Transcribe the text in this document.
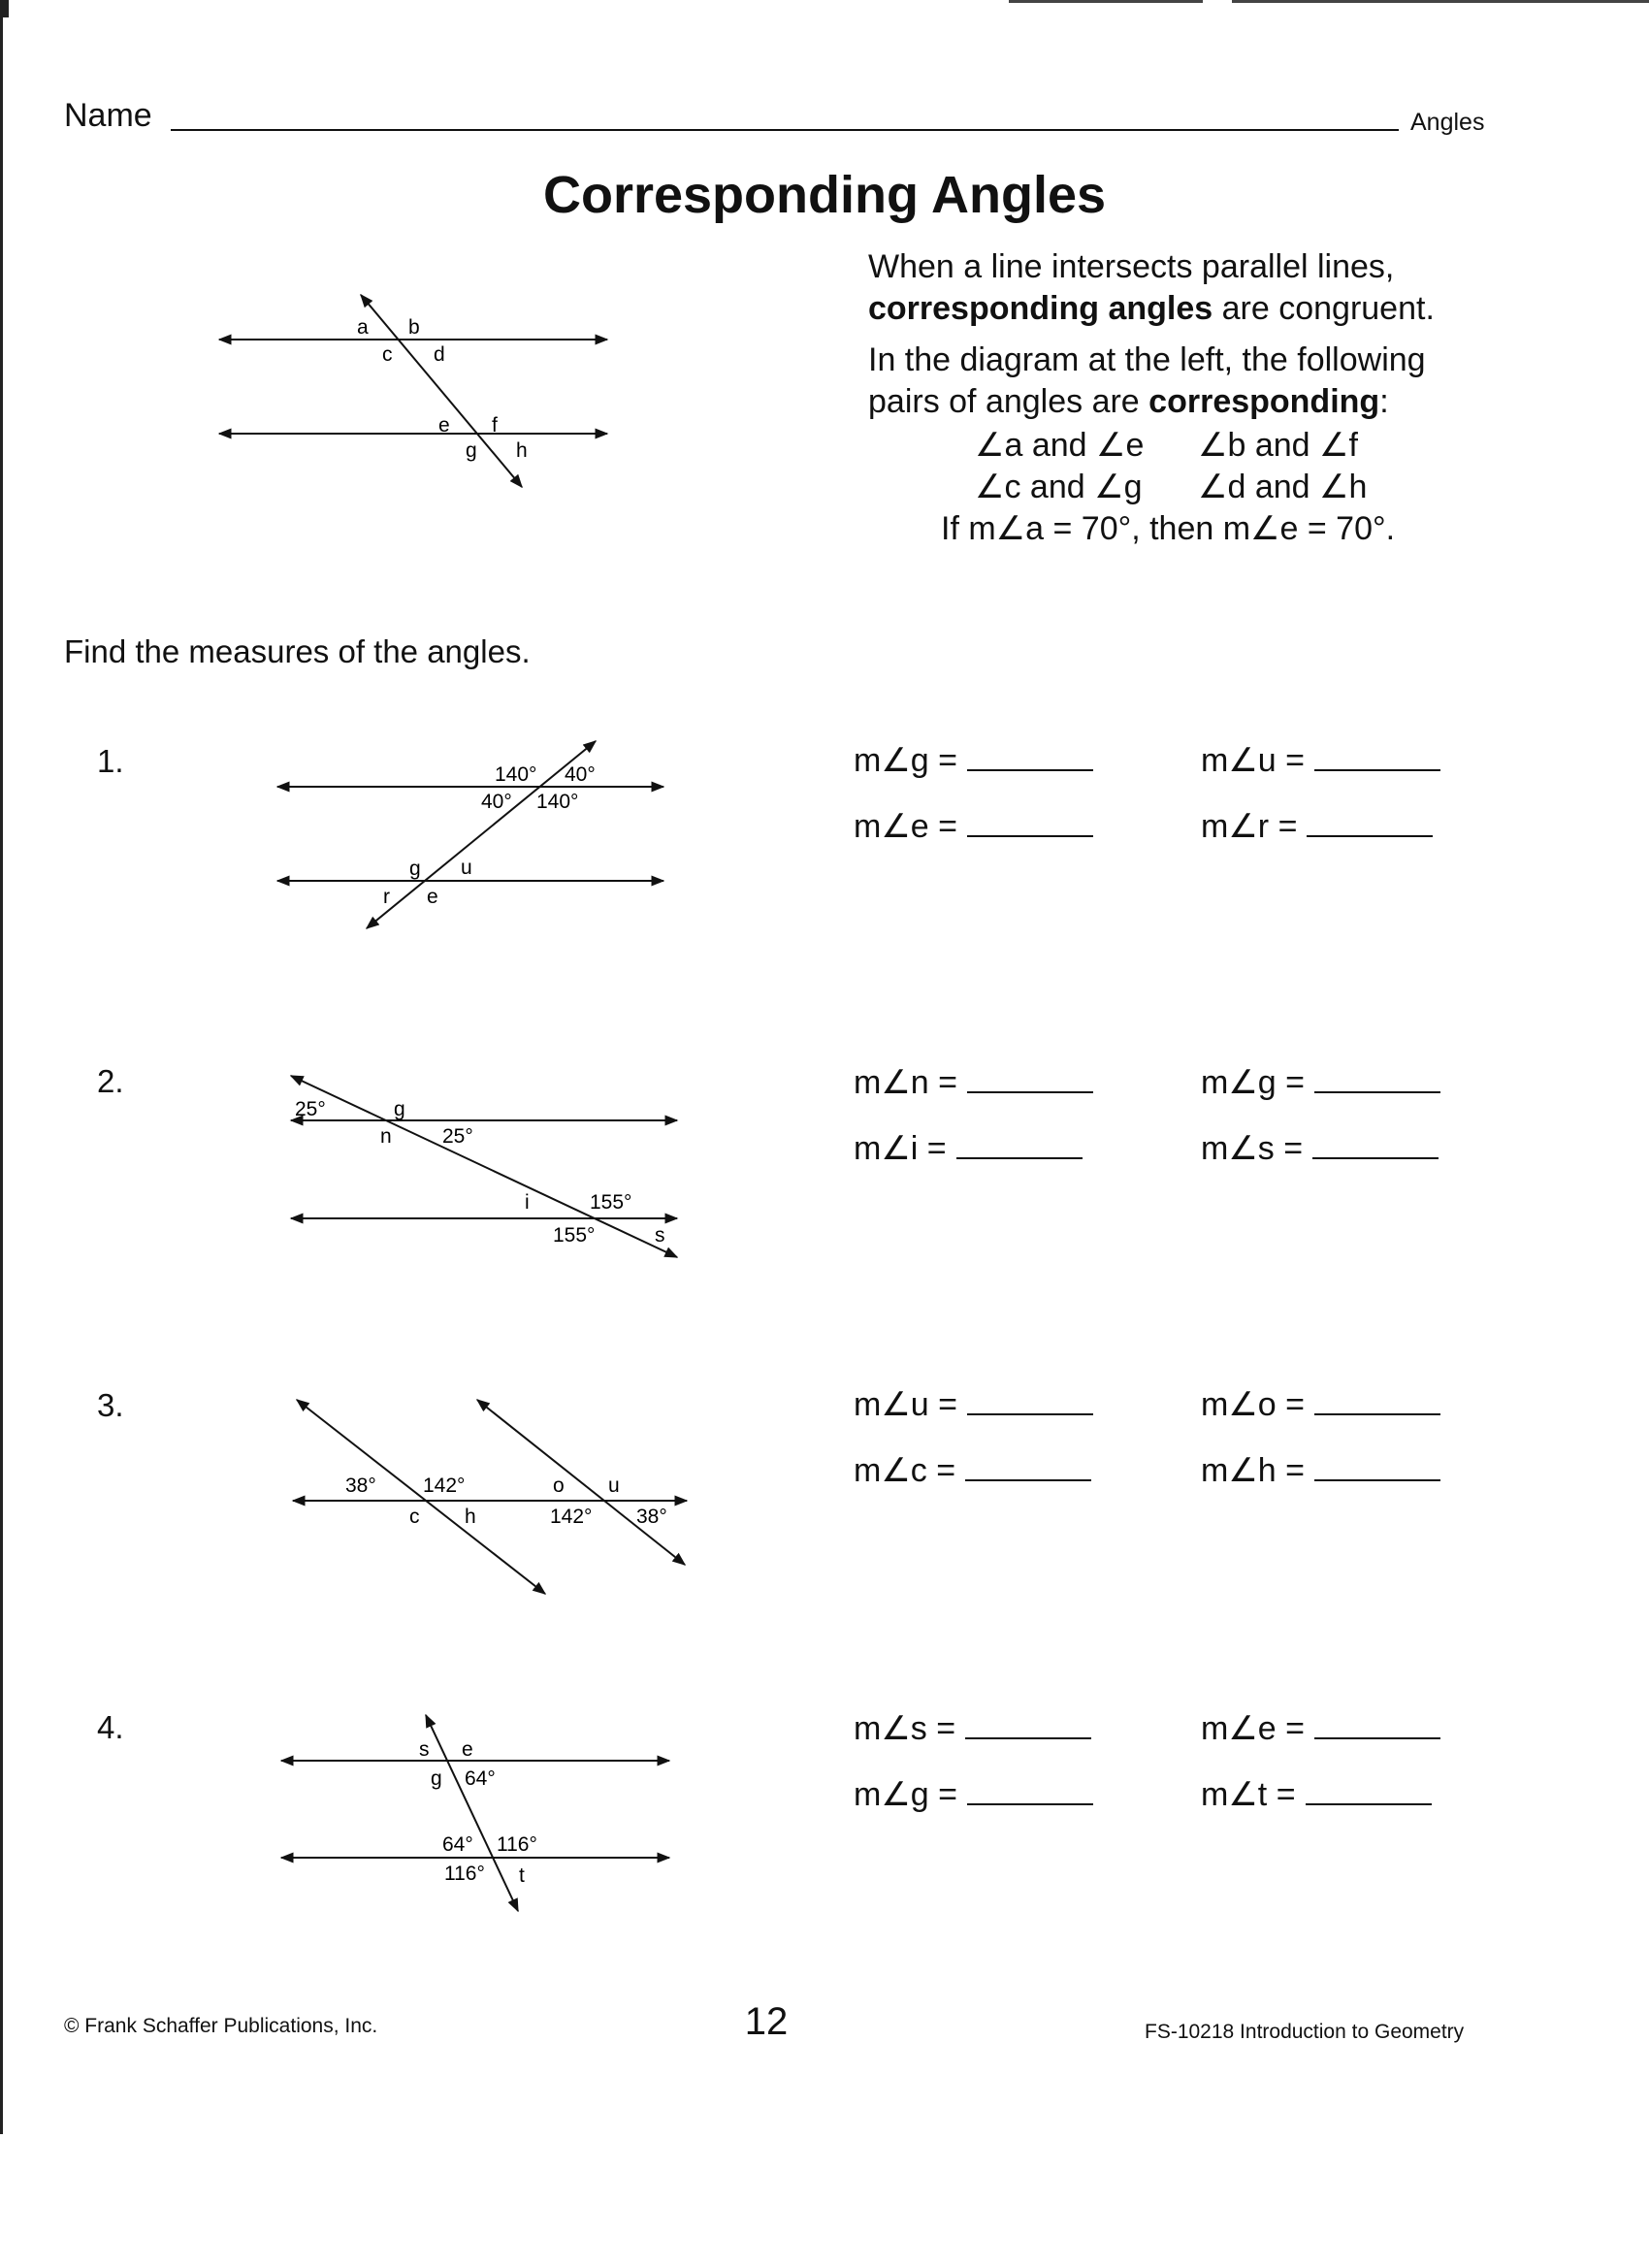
Name	Angles
Corresponding Angles
a b
c d
e f
g h

When a line intersects parallel lines,

corresponding angles are congruent.

In the diagram at the left, the following

pairs of angles are corresponding:

∠a and ∠e	∠b and ∠f
∠c and ∠g	∠d and ∠h

If m∠a = 70°, then m∠e = 70°.

Find the measures of the angles.
1.	140° 40°
40° 140°
g u
r e
m∠g =	m∠u =
m∠e =	m∠r =
2.
25°	g
n 25°
i	155°
155°	s
m∠n =	m∠g =
m∠i =	m∠s =
3.
38° 142°
c h
o u
142° 38°
m∠u =	m∠o =
m∠c =	m∠h =
4.
s e
g 64°
64° 116°
116° t
m∠s =	m∠e =
m∠g =	m∠t =
© Frank Schaffer Publications, Inc.	12	FS-10218 Introduction to Geometry
